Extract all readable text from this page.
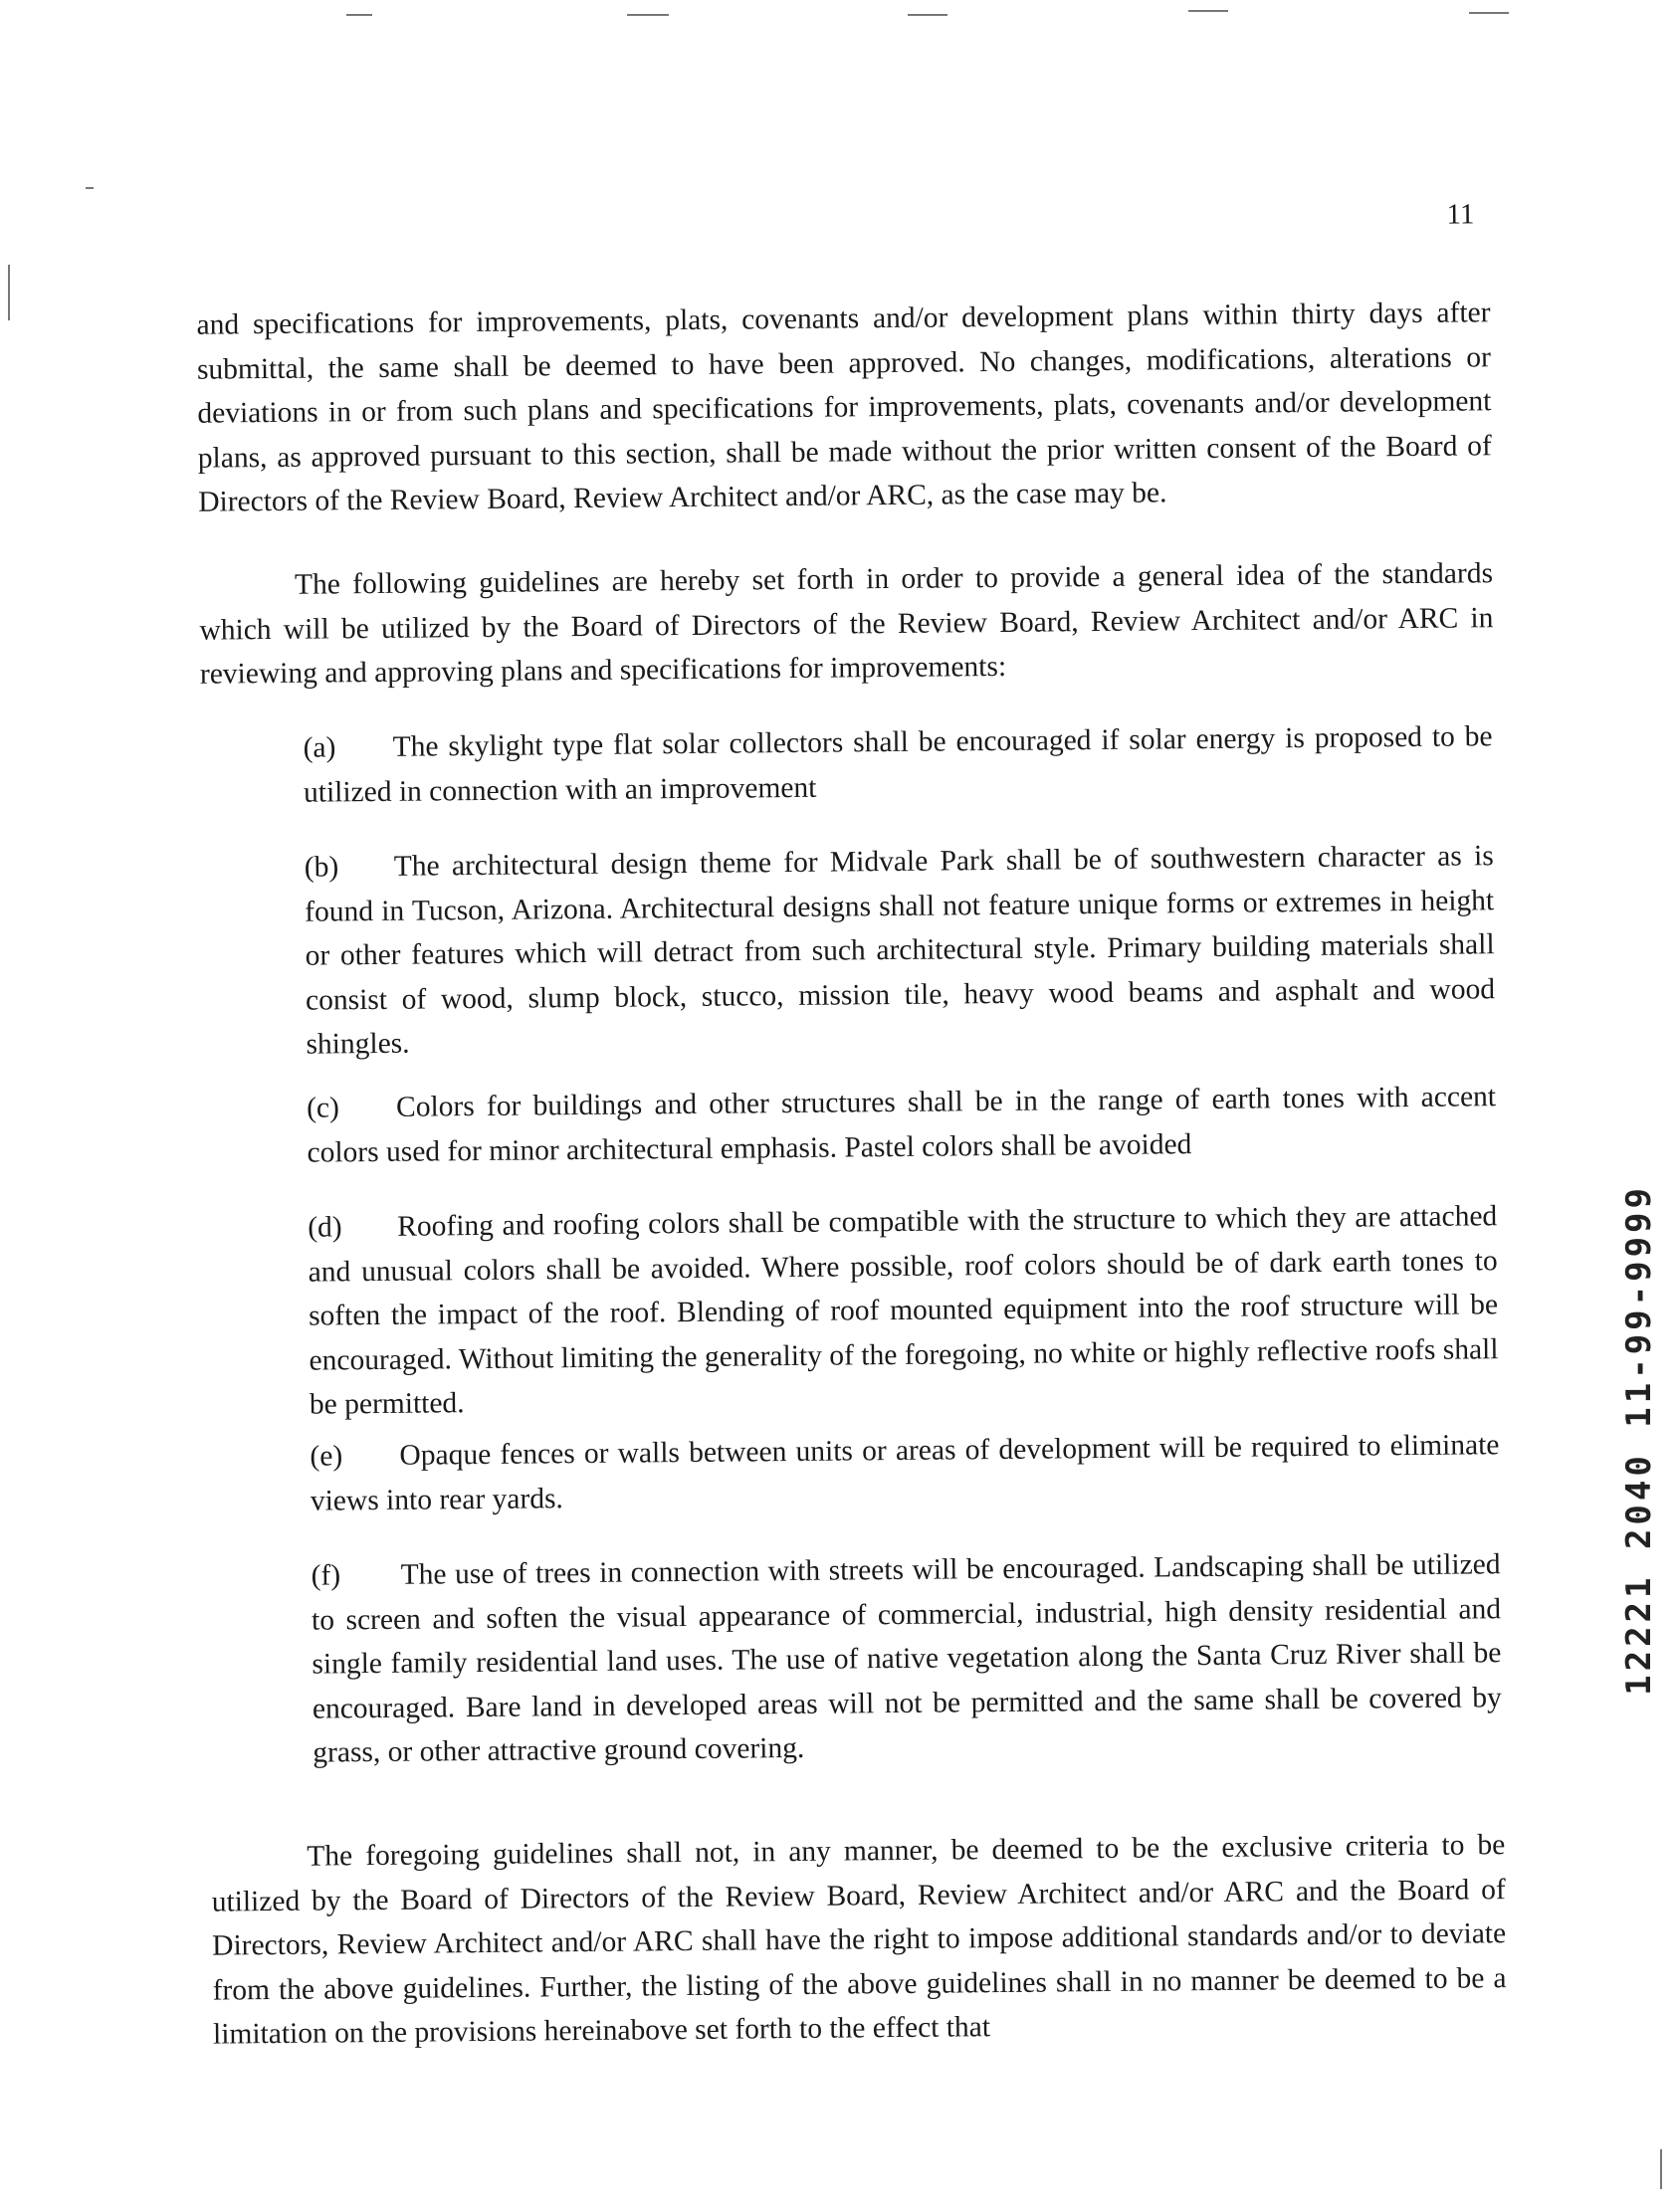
11

and specifications for improvements, plats, covenants and/or development plans within thirty days after submittal, the same shall be deemed to have been approved. No changes, modifications, alterations or deviations in or from such plans and specifications for improvements, plats, covenants and/or development plans, as approved pursuant to this section, shall be made without the prior written consent of the Board of Directors of the Review Board, Review Architect and/or ARC, as the case may be.

The following guidelines are hereby set forth in order to provide a general idea of the standards which will be utilized by the Board of Directors of the Review Board, Review Architect and/or ARC in reviewing and approving plans and specifications for improvements:

(a) The skylight type flat solar collectors shall be encouraged if solar energy is proposed to be utilized in connection with an improvement

(b) The architectural design theme for Midvale Park shall be of southwestern character as is found in Tucson, Arizona. Architectural designs shall not feature unique forms or extremes in height or other features which will detract from such architectural style. Primary building materials shall consist of wood, slump block, stucco, mission tile, heavy wood beams and asphalt and wood shingles.

(c) Colors for buildings and other structures shall be in the range of earth tones with accent colors used for minor architectural emphasis. Pastel colors shall be avoided

(d) Roofing and roofing colors shall be compatible with the structure to which they are attached and unusual colors shall be avoided. Where possible, roof colors should be of dark earth tones to soften the impact of the roof. Blending of roof mounted equipment into the roof structure will be encouraged. Without limiting the generality of the foregoing, no white or highly reflective roofs shall be permitted.

(e) Opaque fences or walls between units or areas of development will be required to eliminate views into rear yards.

(f) The use of trees in connection with streets will be encouraged. Landscaping shall be utilized to screen and soften the visual appearance of commercial, industrial, high density residential and single family residential land uses. The use of native vegetation along the Santa Cruz River shall be encouraged. Bare land in developed areas will not be permitted and the same shall be covered by grass, or other attractive ground covering.

The foregoing guidelines shall not, in any manner, be deemed to be the exclusive criteria to be utilized by the Board of Directors of the Review Board, Review Architect and/or ARC and the Board of Directors, Review Architect and/or ARC shall have the right to impose additional standards and/or to deviate from the above guidelines. Further, the listing of the above guidelines shall in no manner be deemed to be a limitation on the provisions hereinabove set forth to the effect that

12221 2040 11-99-9999
